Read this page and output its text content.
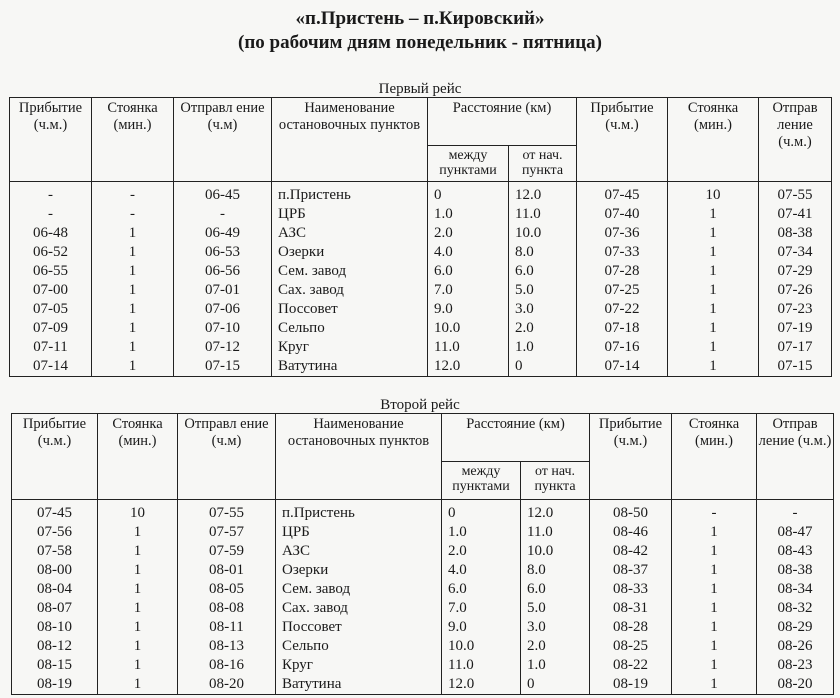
«п.Пристень – п.Кировский»
(по рабочим дням понедельник - пятница)
Первый рейс
Прибытие (ч.м.)	Стоянка (мин.)	Отправл ение (ч.м)	Наименование остановочных пунктов	Расстояние (км)		Прибытие (ч.м.)	Стоянка (мин.)	Отправ ление (ч.м.)
				между пунктами	от нач. пункта			
-	-	06-45	п.Пристень	0	12.0	07-45	10	07-55
-	-	-	ЦРБ	1.0	11.0	07-40	1	07-41
06-48	1	06-49	АЗС	2.0	10.0	07-36	1	08-38
06-52	1	06-53	Озерки	4.0	8.0	07-33	1	07-34
06-55	1	06-56	Сем. завод	6.0	6.0	07-28	1	07-29
07-00	1	07-01	Сах. завод	7.0	5.0	07-25	1	07-26
07-05	1	07-06	Поссовет	9.0	3.0	07-22	1	07-23
07-09	1	07-10	Сельпо	10.0	2.0	07-18	1	07-19
07-11	1	07-12	Круг	11.0	1.0	07-16	1	07-17
07-14	1	07-15	Ватутина	12.0	0	07-14	1	07-15
Второй рейс
Прибытие (ч.м.)	Стоянка (мин.)	Отправл ение (ч.м)	Наименование остановочных пунктов	Расстояние (км)		Прибытие (ч.м.)	Стоянка (мин.)	Отправ ление (ч.м.)
				между пунктами	от нач. пункта			
07-45	10	07-55	п.Пристень	0	12.0	08-50	-	-
07-56	1	07-57	ЦРБ	1.0	11.0	08-46	1	08-47
07-58	1	07-59	АЗС	2.0	10.0	08-42	1	08-43
08-00	1	08-01	Озерки	4.0	8.0	08-37	1	08-38
08-04	1	08-05	Сем. завод	6.0	6.0	08-33	1	08-34
08-07	1	08-08	Сах. завод	7.0	5.0	08-31	1	08-32
08-10	1	08-11	Поссовет	9.0	3.0	08-28	1	08-29
08-12	1	08-13	Сельпо	10.0	2.0	08-25	1	08-26
08-15	1	08-16	Круг	11.0	1.0	08-22	1	08-23
08-19	1	08-20	Ватутина	12.0	0	08-19	1	08-20
